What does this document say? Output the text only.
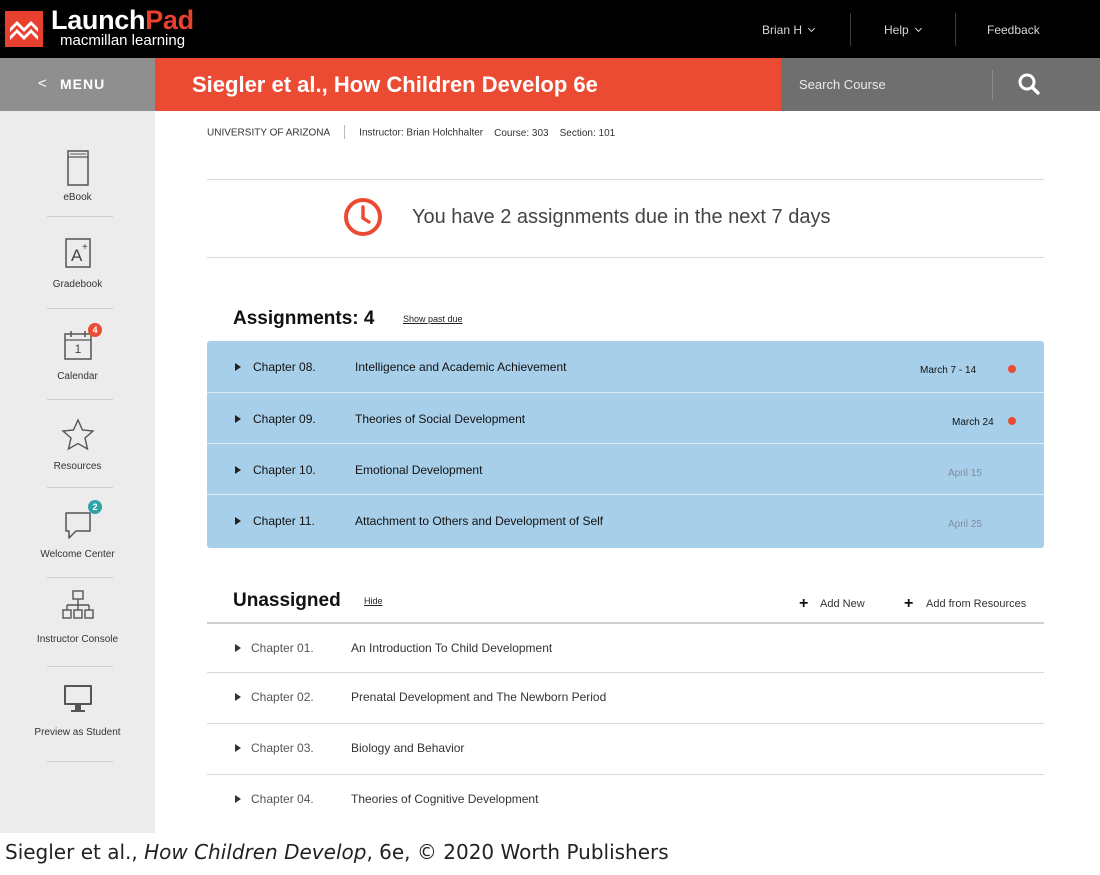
LaunchPad
macmillan learning
Brian H	Help	Feedback
< MENU	Siegler et al., How Children Develop 6e	Search Course
eBook
A +
Gradebook
1
4
Calendar
Resources
2
Welcome Center
Instructor Console
Preview as Student
UNIVERSITY OF ARIZONA	Instructor: Brian Holchhalter Course: 303 Section: 101
You have 2 assignments due in the next 7 days
Assignments: 4	Show past due
Chapter 08.	Intelligence and Academic Achievement	March 7 - 14
Chapter 09.	Theories of Social Development	March 24
Chapter 10.	Emotional Development	April 15
Chapter 11.	Attachment to Others and Development of Self	April 25
Unassigned	Hide	+ Add New + Add from Resources
Chapter 01.	An Introduction To Child Development
Chapter 02.	Prenatal Development and The Newborn Period
Chapter 03.	Biology and Behavior
Chapter 04.	Theories of Cognitive Development
Siegler et al., How Children Develop, 6e, © 2020 Worth Publishers
